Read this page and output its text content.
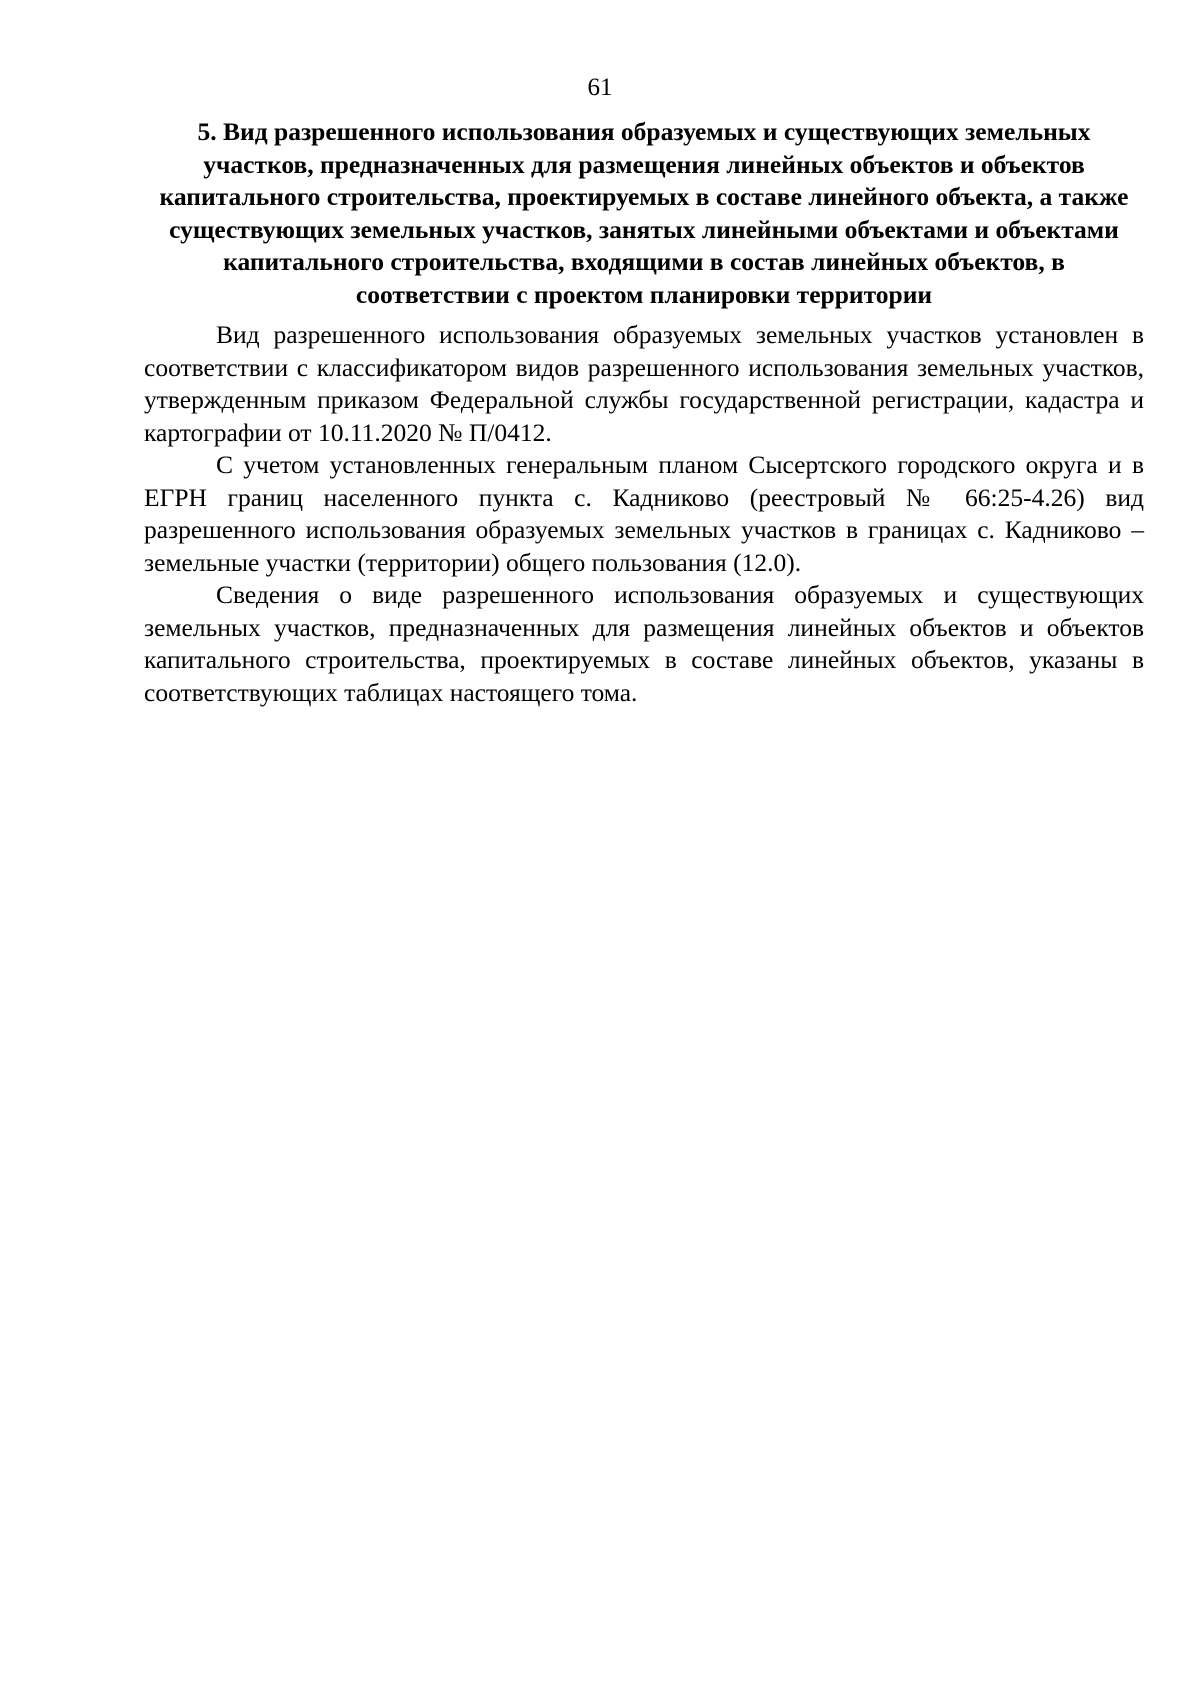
61
5. Вид разрешенного использования образуемых и существующих земельных участков, предназначенных для размещения линейных объектов и объектов капитального строительства, проектируемых в составе линейного объекта, а также существующих земельных участков, занятых линейными объектами и объектами капитального строительства, входящими в состав линейных объектов, в соответствии с проектом планировки территории

Вид разрешенного использования образуемых земельных участков установлен в соответствии с классификатором видов разрешенного использования земельных участков, утвержденным приказом Федеральной службы государственной регистрации, кадастра и картографии от 10.11.2020 № П/0412.

С учетом установленных генеральным планом Сысертского городского округа и в ЕГРН границ населенного пункта с. Кадниково (реестровый № 66:25-4.26) вид разрешенного использования образуемых земельных участков в границах с. Кадниково – земельные участки (территории) общего пользования (12.0).

Сведения о виде разрешенного использования образуемых и существующих земельных участков, предназначенных для размещения линейных объектов и объектов капитального строительства, проектируемых в составе линейных объектов, указаны в соответствующих таблицах настоящего тома.
